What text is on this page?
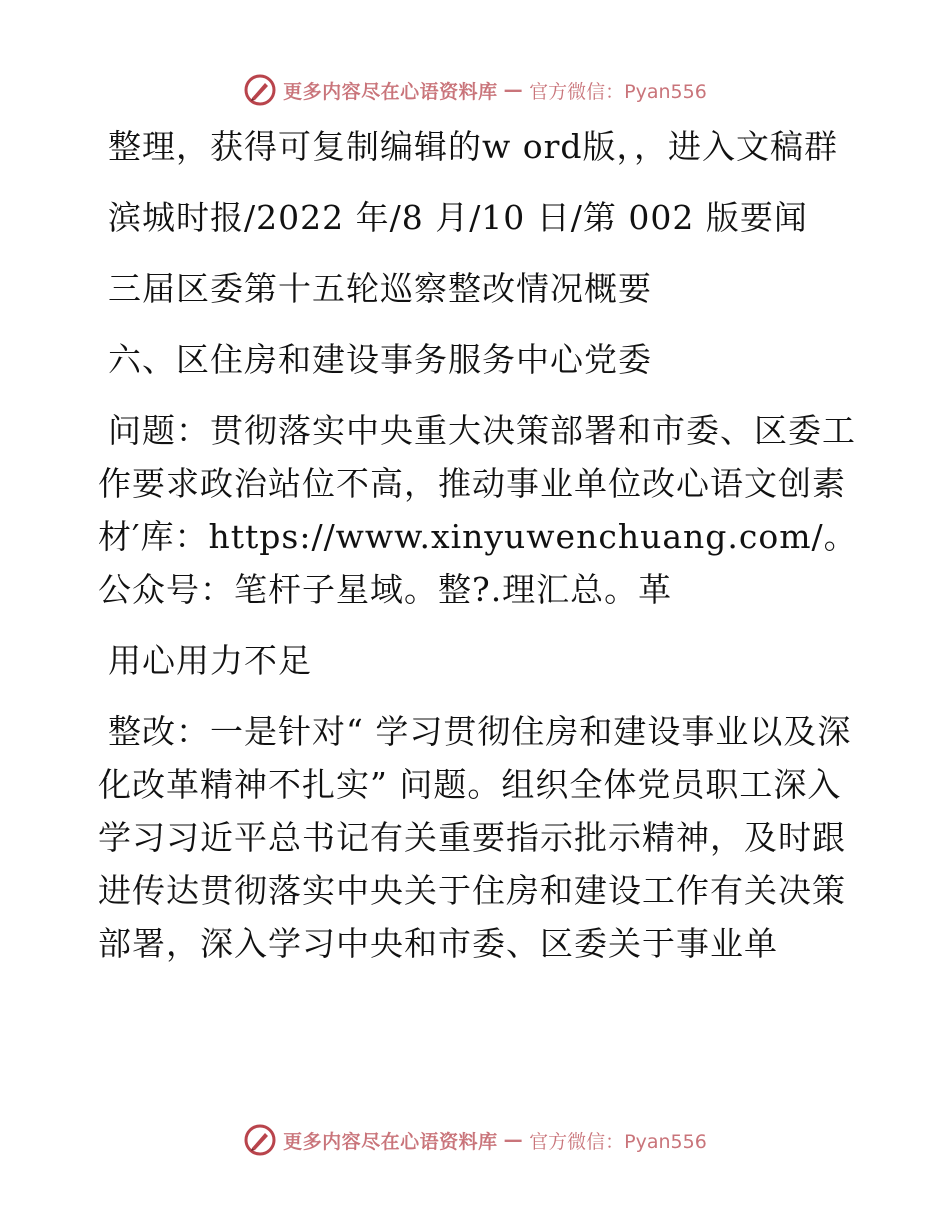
更多内容尽在心语资料库 — 官方微信：Pyan556

整理，获得可复制编辑的w ord版，，进入文稿群

滨城时报/2022 年/8 月/10 日/第 002 版要闻

三届区委第十五轮巡察整改情况概要

六、区住房和建设事务服务中心党委

问题：贯彻落实中央重大决策部署和市委、区委工作要求政治站位不高，推动事业单位改心语文创素材′库：https://www.xinyuwenchuang.com/。公众号：笔杆子星域。整?.理汇总。革

用心用力不足

整改：一是针对“ 学习贯彻住房和建设事业以及深化改革精神不扎实” 问题。组织全体党员职工深入学习习近平总书记有关重要指示批示精神，及时跟进传达贯彻落实中央关于住房和建设工作有关决策部署，深入学习中央和市委、区委关于事业单

更多内容尽在心语资料库 — 官方微信：Pyan556
